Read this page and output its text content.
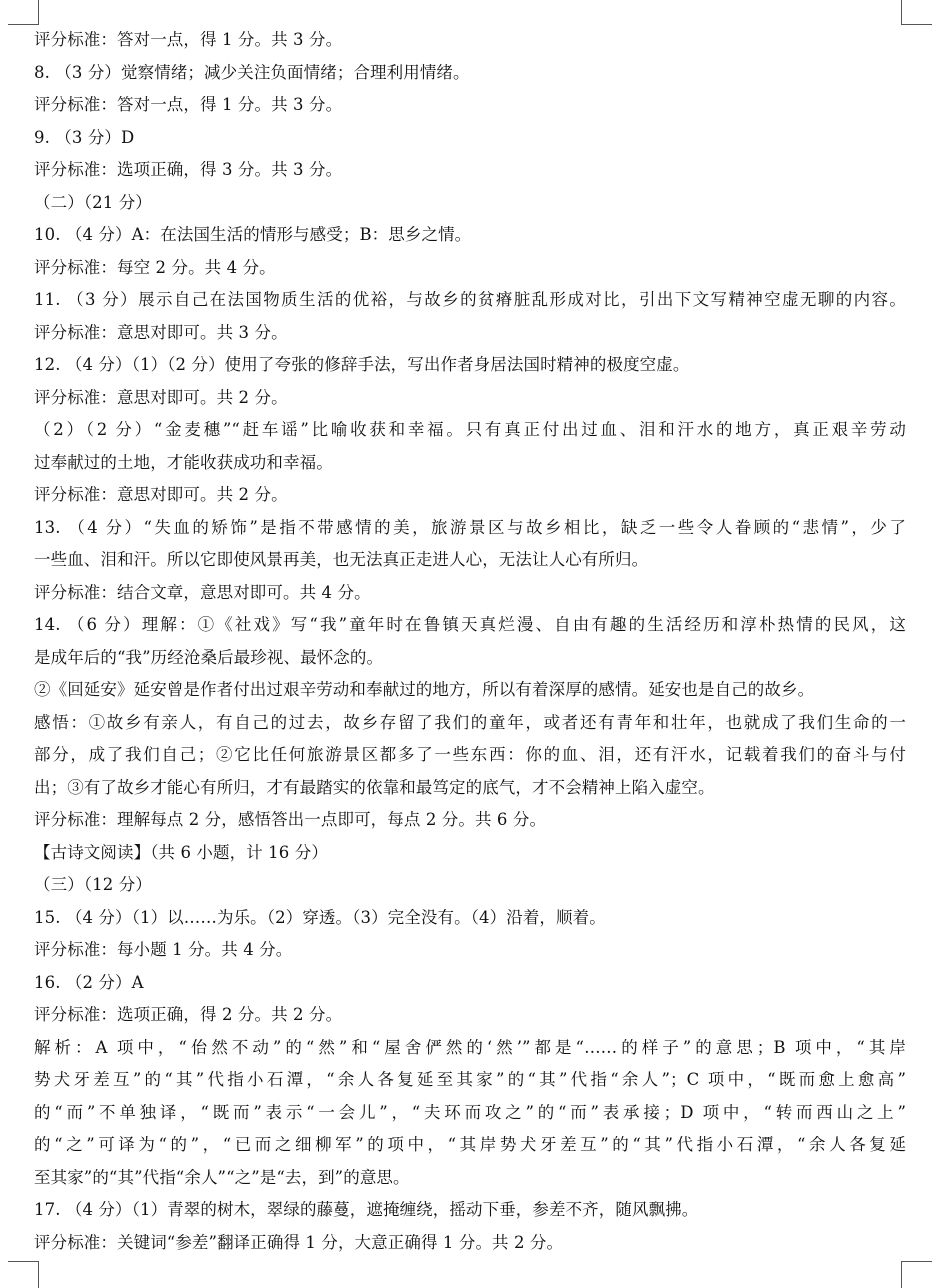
评分标准：答对一点，得 1 分。共 3 分。
8. （3 分）觉察情绪；减少关注负面情绪；合理利用情绪。
评分标准：答对一点，得 1 分。共 3 分。
9. （3 分）D
评分标准：选项正确，得 3 分。共 3 分。
（二）（21 分）
10. （4 分）A：在法国生活的情形与感受；B：思乡之情。
评分标准：每空 2 分。共 4 分。
11. （3 分）展示自己在法国物质生活的优裕，与故乡的贫瘠脏乱形成对比，引出下文写精神空虚无聊的内容。
评分标准：意思对即可。共 3 分。
12. （4 分）（1）（2 分）使用了夸张的修辞手法，写出作者身居法国时精神的极度空虚。
评分标准：意思对即可。共 2 分。
（2）（2 分）“金麦穗”“赶车谣”比喻收获和幸福。只有真正付出过血、泪和汗水的地方，真正艰辛劳动
过奉献过的土地，才能收获成功和幸福。
评分标准：意思对即可。共 2 分。
13. （4 分）“失血的矫饰”是指不带感情的美，旅游景区与故乡相比，缺乏一些令人眷顾的“悲情”，少了
一些血、泪和汗。所以它即使风景再美，也无法真正走进人心，无法让人心有所归。
评分标准：结合文章，意思对即可。共 4 分。
14. （6 分）理解：①《社戏》写“我”童年时在鲁镇天真烂漫、自由有趣的生活经历和淳朴热情的民风，这
是成年后的“我”历经沧桑后最珍视、最怀念的。
②《回延安》延安曾是作者付出过艰辛劳动和奉献过的地方，所以有着深厚的感情。延安也是自己的故乡。
感悟：①故乡有亲人，有自己的过去，故乡存留了我们的童年，或者还有青年和壮年，也就成了我们生命的一
部分，成了我们自己；②它比任何旅游景区都多了一些东西：你的血、泪，还有汗水，记载着我们的奋斗与付
出；③有了故乡才能心有所归，才有最踏实的依靠和最笃定的底气，才不会精神上陷入虚空。
评分标准：理解每点 2 分，感悟答出一点即可，每点 2 分。共 6 分。
【古诗文阅读】（共 6 小题，计 16 分）
（三）（12 分）
15. （4 分）（1）以……为乐。（2）穿透。（3）完全没有。（4）沿着，顺着。
评分标准：每小题 1 分。共 4 分。
16. （2 分）A
评分标准：选项正确，得 2 分。共 2 分。
解析：A 项中，“佁然不动”的“然”和“屋舍俨然的‘然’”都是“……的样子”的意思；B 项中，“其岸
势犬牙差互”的“其”代指小石潭，“余人各复延至其家”的“其”代指“余人”；C 项中，“既而愈上愈高”
的“而”不单独译，“既而”表示“一会儿”，“夫环而攻之”的“而”表承接；D 项中，“转而西山之上”
的“之”可译为“的”，“已而之细柳军”的项中，“其岸势犬牙差互”的“其”代指小石潭，“余人各复延
至其家”的“其”代指“余人”“之”是“去，到”的意思。
17. （4 分）（1）青翠的树木，翠绿的藤蔓，遮掩缠绕，摇动下垂，参差不齐，随风飘拂。
评分标准：关键词“参差”翻译正确得 1 分，大意正确得 1 分。共 2 分。
